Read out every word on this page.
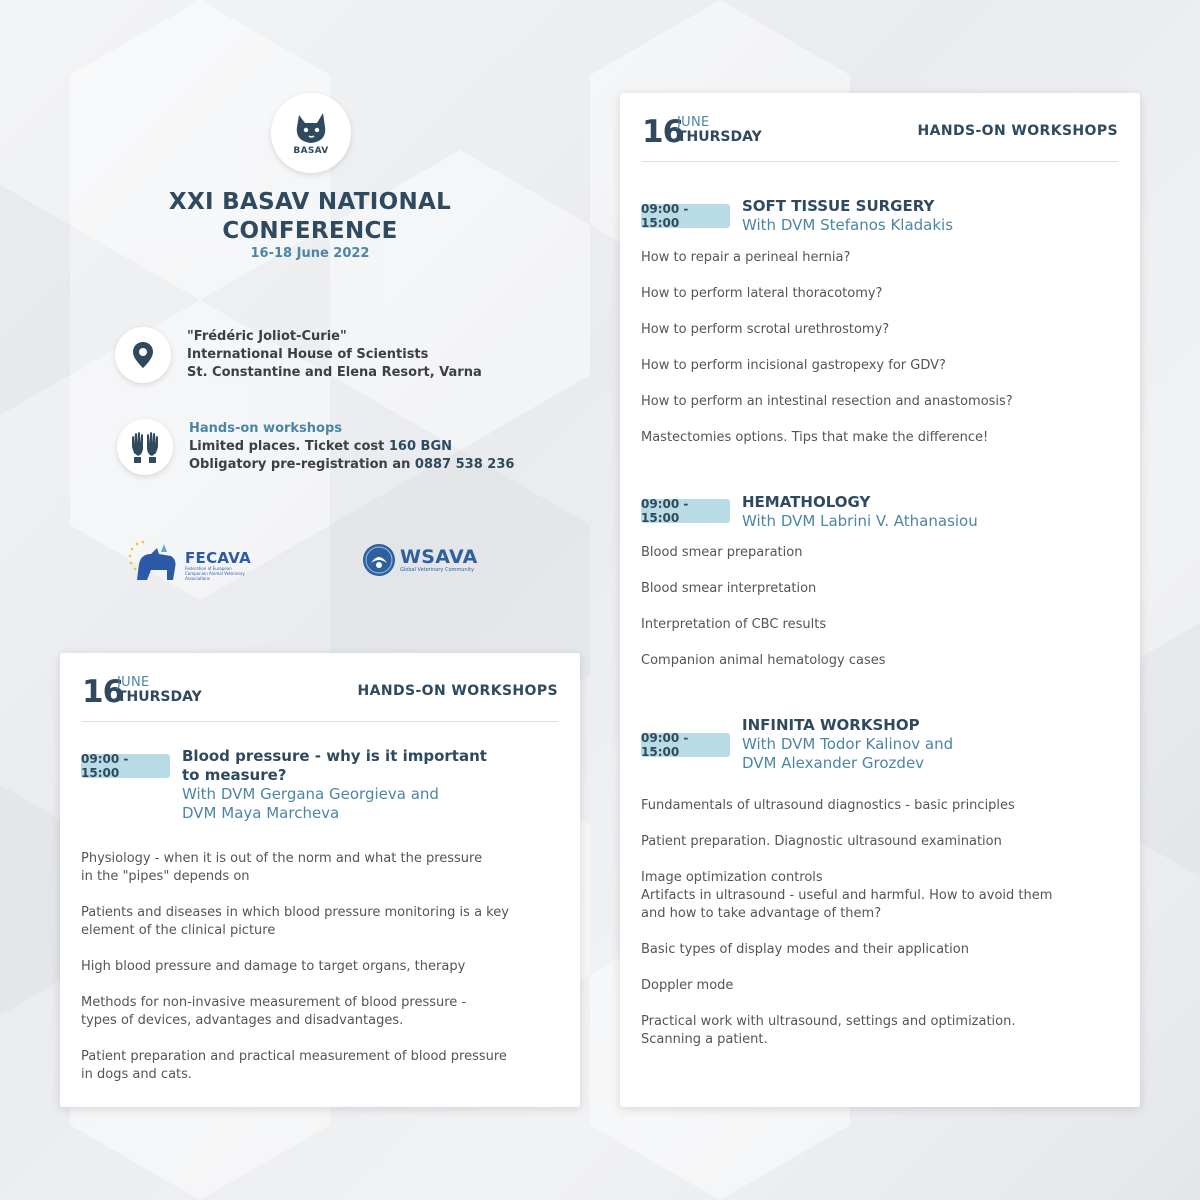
BASAV
XXI BASAV NATIONAL
CONFERENCE
16-18 June 2022
"Frédéric Joliot-Curie"
International House of Scientists
St. Constantine and Elena Resort, Varna
Hands-on workshops
Limited places. Ticket cost 160 BGN
Obligatory pre-registration an 0887 538 236
FECAVA
Federation of European Companion Animal Veterinary Associations
WSAVA
Global Veterinary Community
16
JUNE
THURSDAY	HANDS-ON WORKSHOPS
09:00 - 15:00
Blood pressure - why is it important
to measure?
With DVM Gergana Georgieva and
DVM Maya Marcheva
Physiology - when it is out of the norm and what the pressure
in the "pipes" depends on
Patients and diseases in which blood pressure monitoring is a key
element of the clinical picture
High blood pressure and damage to target organs, therapy
Methods for non-invasive measurement of blood pressure -
types of devices, advantages and disadvantages.
Patient preparation and practical measurement of blood pressure
in dogs and cats.
16
JUNE
THURSDAY	HANDS-ON WORKSHOPS
09:00 - 15:00
SOFT TISSUE SURGERY
With DVM Stefanos Kladakis
How to repair a perineal hernia?
How to perform lateral thoracotomy?
How to perform scrotal urethrostomy?
How to perform incisional gastropexy for GDV?
How to perform an intestinal resection and anastomosis?
Mastectomies options. Tips that make the difference!
09:00 - 15:00
HEMATHOLOGY
With DVM Labrini V. Athanasiou
Blood smear preparation
Blood smear interpretation
Interpretation of CBC results
Companion animal hematology cases
09:00 - 15:00
INFINITA WORKSHOP
With DVM Todor Kalinov and
DVM Alexander Grozdev
Fundamentals of ultrasound diagnostics - basic principles
Patient preparation. Diagnostic ultrasound examination
Image optimization controls
Artifacts in ultrasound - useful and harmful. How to avoid them
and how to take advantage of them?
Basic types of display modes and their application
Doppler mode
Practical work with ultrasound, settings and optimization.
Scanning a patient.
